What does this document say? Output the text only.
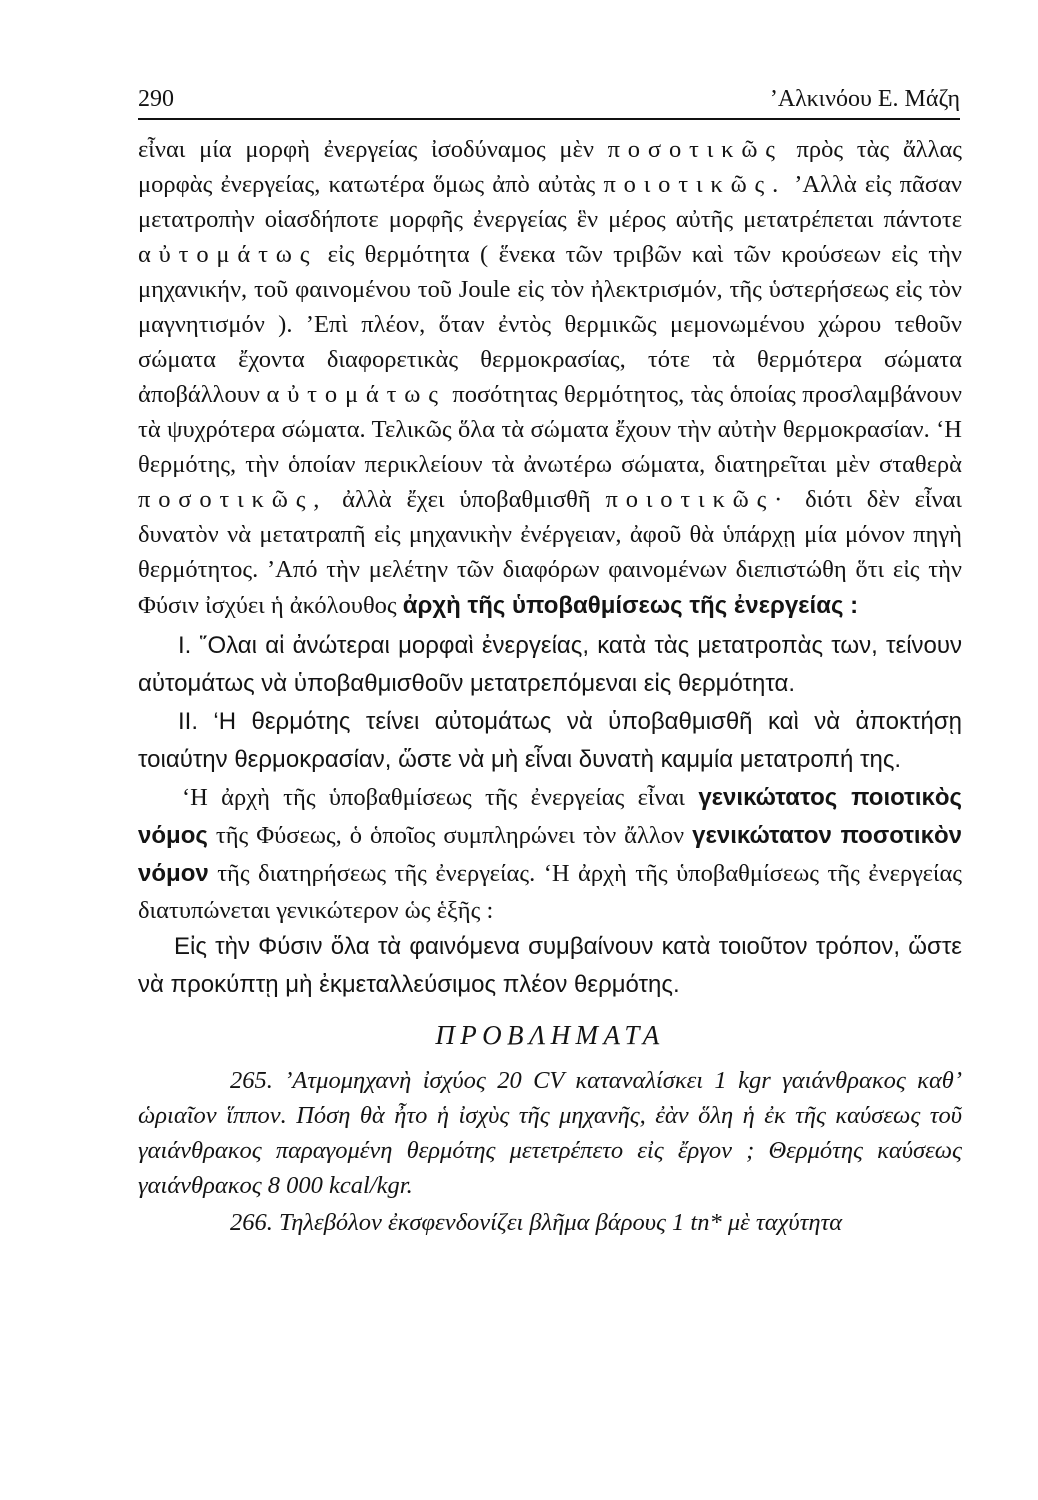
290	’Αλκινόου Ε. Μάζη

εἶναι μία μορφὴ ἐνεργείας ἰσοδύναμος μὲν ποσοτικῶς πρὸς τὰς ἄλλας μορφὰς ἐνεργείας, κατωτέρα ὅμως ἀπὸ αὐτὰς ποιοτικῶς. ’Αλλὰ εἰς πᾶσαν μετατροπὴν οἱασδήποτε μορφῆς ἐνεργείας ἓν μέρος αὐτῆς μετατρέπεται πάντοτε αὐτομάτως εἰς θερμότητα ( ἕνεκα τῶν τριβῶν καὶ τῶν κρούσεων εἰς τὴν μηχανικήν, τοῦ φαινομένου τοῦ Joule εἰς τὸν ἠλεκτρισμόν, τῆς ὑστερήσεως εἰς τὸν μαγνητισμόν ). ’Επὶ πλέον, ὅταν ἐντὸς θερμικῶς μεμονωμένου χώρου τεθοῦν σώματα ἔχοντα διαφορετικὰς θερμοκρασίας, τότε τὰ θερμότερα σώματα ἀποβάλλουν αὐτομάτως ποσότητας θερμότητος, τὰς ὁποίας προσλαμβάνουν τὰ ψυχρότερα σώματα. Τελικῶς ὅλα τὰ σώματα ἔχουν τὴν αὐτὴν θερμοκρασίαν. ‘Η θερμότης, τὴν ὁποίαν περικλείουν τὰ ἀνωτέρω σώματα, διατηρεῖται μὲν σταθερὰ ποσοτικῶς, ἀλλὰ ἔχει ὑποβαθμισθῆ ποιοτικῶς· διότι δὲν εἶναι δυνατὸν νὰ μετατραπῆ εἰς μηχανικὴν ἐνέργειαν, ἀφοῦ θὰ ὑπάρχῃ μία μόνον πηγὴ θερμότητος. ’Από τὴν μελέτην τῶν διαφόρων φαινομένων διεπιστώθη ὅτι εἰς τὴν Φύσιν ἰσχύει ἡ ἀκόλουθος ἀρχὴ τῆς ὑποβαθμίσεως τῆς ἐνεργείας :

Ι. ῞Ολαι αἱ ἀνώτεραι μορφαὶ ἐνεργείας, κατὰ τὰς μετατροπὰς των, τείνουν αὐτομάτως νὰ ὑποβαθμισθοῦν μετατρεπόμεναι εἰς θερμότητα.

ΙΙ. ‘Η θερμότης τείνει αὐτομάτως νὰ ὑποβαθμισθῆ καὶ νὰ ἀποκτήσῃ τοιαύτην θερμοκρασίαν, ὥστε νὰ μὴ εἶναι δυνατὴ καμμία μετατροπή της.

‘Η ἀρχὴ τῆς ὑποβαθμίσεως τῆς ἐνεργείας εἶναι γενικώτατος ποιοτικὸς νόμος τῆς Φύσεως, ὁ ὁποῖος συμπληρώνει τὸν ἄλλον γενικώτατον ποσοτικὸν νόμον τῆς διατηρήσεως τῆς ἐνεργείας. ‘Η ἀρχὴ τῆς ὑποβαθμίσεως τῆς ἐνεργείας διατυπώνεται γενικώτερον ὡς ἑξῆς :

Εἰς τὴν Φύσιν ὅλα τὰ φαινόμενα συμβαίνουν κατὰ τοιοῦτον τρόπον, ὥστε νὰ προκύπτῃ μὴ ἐκμεταλλεύσιμος πλέον θερμότης.

ΠΡΟΒΛΗΜΑΤΑ

265. ’Ατμομηχανὴ ἰσχύος 20 CV καταναλίσκει 1 kgr γαιάνθρακος καθ’ ὡριαῖον ἵππον. Πόση θὰ ἦτο ἡ ἰσχὺς τῆς μηχανῆς, ἐὰν ὅλη ἡ ἐκ τῆς καύσεως τοῦ γαιάνθρακος παραγομένη θερμότης μετετρέπετο εἰς ἔργον ; Θερμότης καύσεως γαιάνθρακος 8 000 kcal/kgr.

266. Τηλεβόλον ἐκσφενδονίζει βλῆμα βάρους 1 tn* μὲ ταχύτητα
